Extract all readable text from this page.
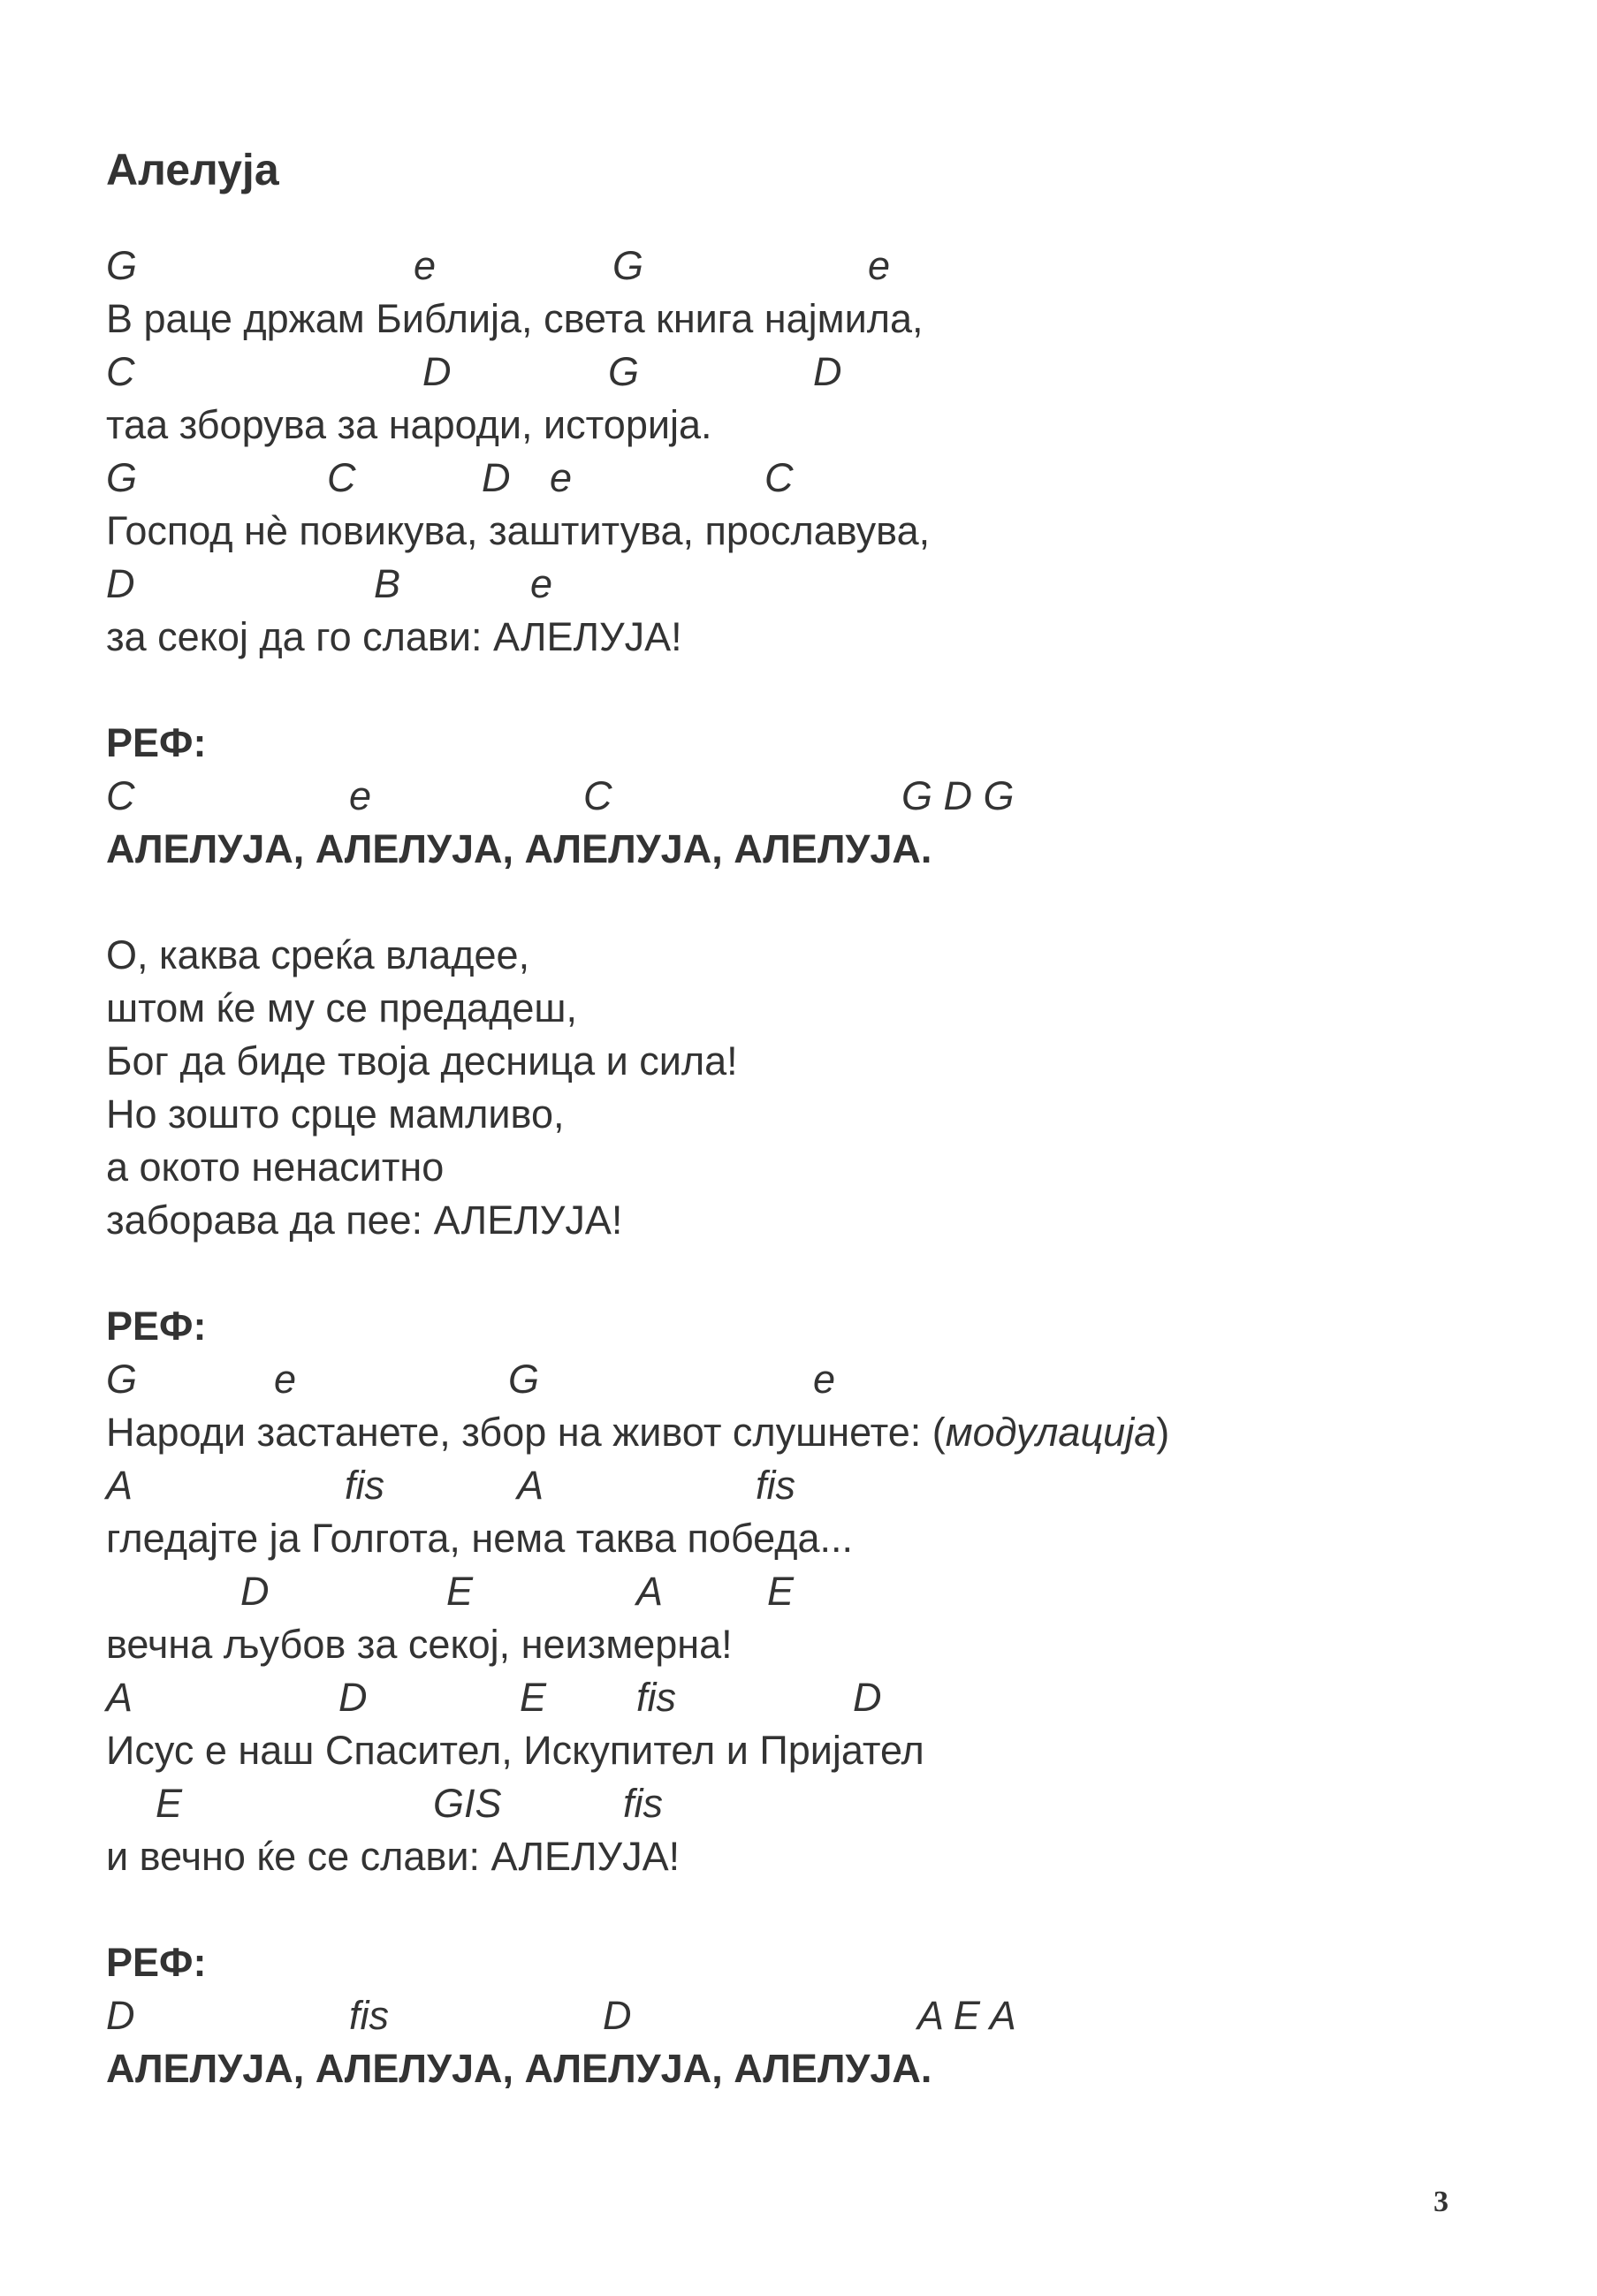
Алелуја
G	e	G	e
В раце држам Библија, света книга најмила,
C	D	G	D
таа зборува за народи, историја.
G	C	D e	C
Господ нѐ повикува, заштитува, прославува,
D	B	e
за секој да го слави: АЛЕЛУЈА!
РЕФ:
C	e	C	G D G
АЛЕЛУЈА, АЛЕЛУЈА, АЛЕЛУЈА, АЛЕЛУЈА.
О, каква среќа владее,
штом ќе му се предадеш,
Бог да биде твоја десница и сила!
Но зошто срце мамливо,
а окото ненаситно
заборава да пее: АЛЕЛУЈА!
РЕФ:
G	e	G	e
Народи застанете, збор на живот слушнете: (модулација)
A	fis	A	fis
гледајте ја Голгота, нема таква победа...
D	E	A	E
вечна љубов за секој, неизмерна!
A	D	E fis	D
Исус е наш Спасител, Искупител и Пријател
E	GIS	fis
и вечно ќе се слави: АЛЕЛУЈА!
РЕФ:
D	fis	D	A E A
АЛЕЛУЈА, АЛЕЛУЈА, АЛЕЛУЈА, АЛЕЛУЈА.
3
